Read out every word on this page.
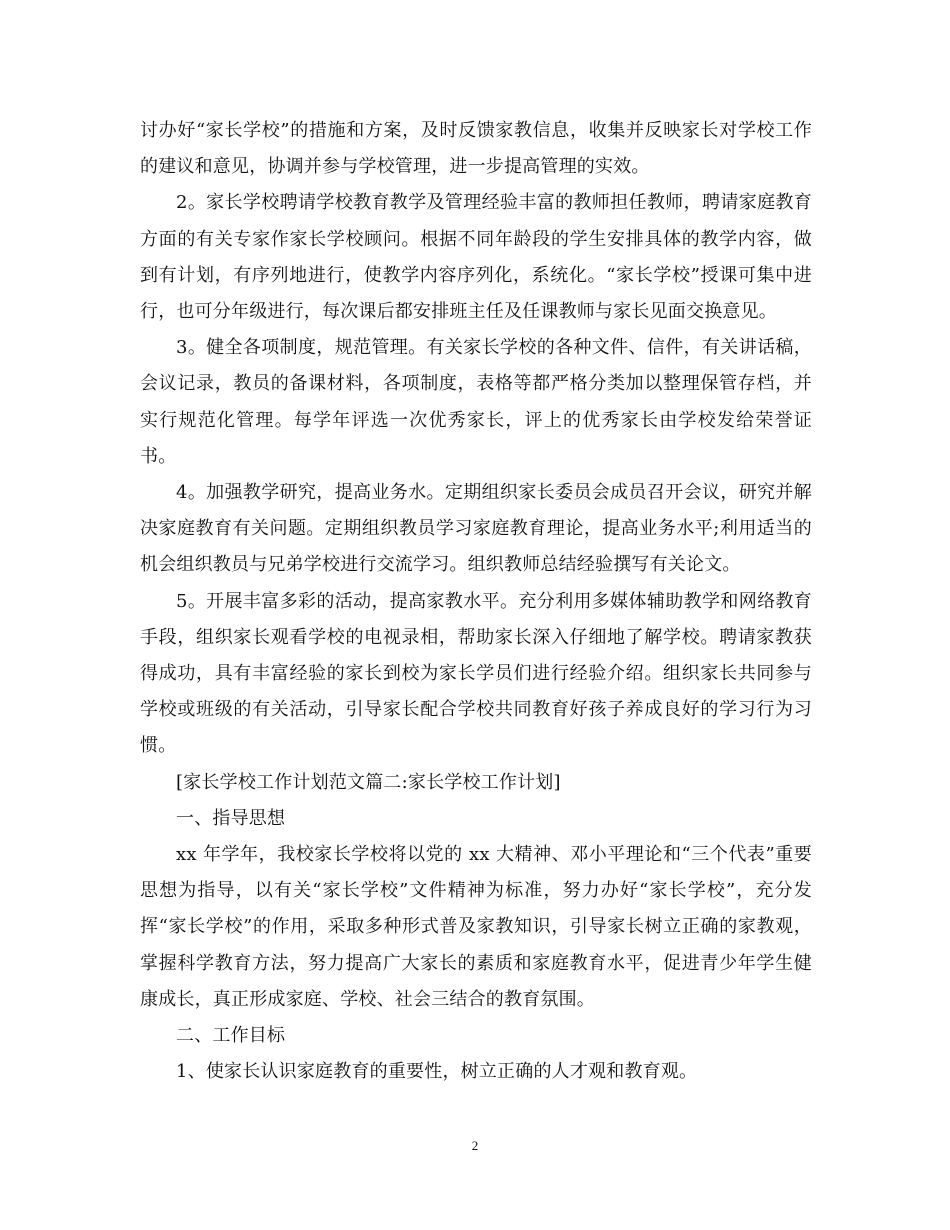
讨办好“家长学校”的措施和方案，及时反馈家教信息，收集并反映家长对学校工作的建议和意见，协调并参与学校管理，进一步提高管理的实效。

2。家长学校聘请学校教育教学及管理经验丰富的教师担任教师，聘请家庭教育方面的有关专家作家长学校顾问。根据不同年龄段的学生安排具体的教学内容，做到有计划，有序列地进行，使教学内容序列化，系统化。“家长学校”授课可集中进行，也可分年级进行，每次课后都安排班主任及任课教师与家长见面交换意见。

3。健全各项制度，规范管理。有关家长学校的各种文件、信件，有关讲话稿，会议记录，教员的备课材料，各项制度，表格等都严格分类加以整理保管存档，并实行规范化管理。每学年评选一次优秀家长，评上的优秀家长由学校发给荣誉证书。

4。加强教学研究，提高业务水。定期组织家长委员会成员召开会议，研究并解决家庭教育有关问题。定期组织教员学习家庭教育理论，提高业务水平;利用适当的机会组织教员与兄弟学校进行交流学习。组织教师总结经验撰写有关论文。

5。开展丰富多彩的活动，提高家教水平。充分利用多媒体辅助教学和网络教育手段，组织家长观看学校的电视录相，帮助家长深入仔细地了解学校。聘请家教获得成功，具有丰富经验的家长到校为家长学员们进行经验介绍。组织家长共同参与学校或班级的有关活动，引导家长配合学校共同教育好孩子养成良好的学习行为习惯。

[家长学校工作计划范文篇二:家长学校工作计划]

一、指导思想

xx 年学年，我校家长学校将以党的 xx 大精神、邓小平理论和“三个代表”重要思想为指导，以有关“家长学校”文件精神为标准，努力办好“家长学校”，充分发挥“家长学校”的作用，采取多种形式普及家教知识，引导家长树立正确的家教观，掌握科学教育方法，努力提高广大家长的素质和家庭教育水平，促进青少年学生健康成长，真正形成家庭、学校、社会三结合的教育氛围。

二、工作目标

1、使家长认识家庭教育的重要性，树立正确的人才观和教育观。

2
